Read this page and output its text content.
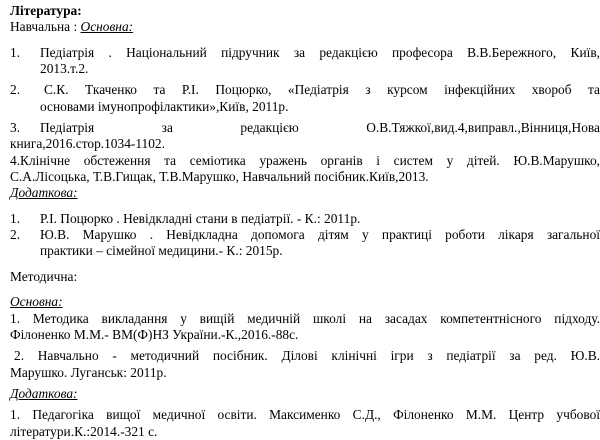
Література:
Навчальна : Основна:
1.	Педіатрія . Національний підручник за редакцією професора В.В.Бережного, Київ,
2013.т.2.
2.	С.К. Ткаченко та Р.І. Поцюрко, «Педіатрія з курсом інфекційних хвороб та
основами імунопрофілактики»,Київ, 2011р.
3.	Педіатрія за редакцією О.В.Тяжкої,вид.4,виправл.,Вінниця,Нова
книга,2016.стор.1034-1102.
4.Клінічне обстеження та семіотика уражень органів і систем у дітей. Ю.В.Марушко,
С.А.Лісоцька, Т.В.Гищак, Т.В.Марушко, Навчальний посібник.Київ,2013.
Додаткова:
1.	Р.І. Поцюрко . Невідкладні стани в педіатрії. - К.: 2011р.
2.	Ю.В. Марушко . Невідкладна допомога дітям у практиці роботи лікаря загальної
практики – сімейної медицини.- К.: 2015р.
Методична:
Основна:
1. Методика викладання у вищій медичній школі на засадах компетентнісного підходу.
Філоненко М.М.- ВМ(Ф)НЗ України.-К.,2016.-88с.
2. Навчально - методичний посібник. Ділові клінічні ігри з педіатрії за ред. Ю.В.
Марушко. Луганськ: 2011р.
Додаткова:
1. Педагогіка вищої медичної освіти. Максименко С.Д., Філоненко М.М. Центр учбової
літератури.К.:2014.-321 с.
